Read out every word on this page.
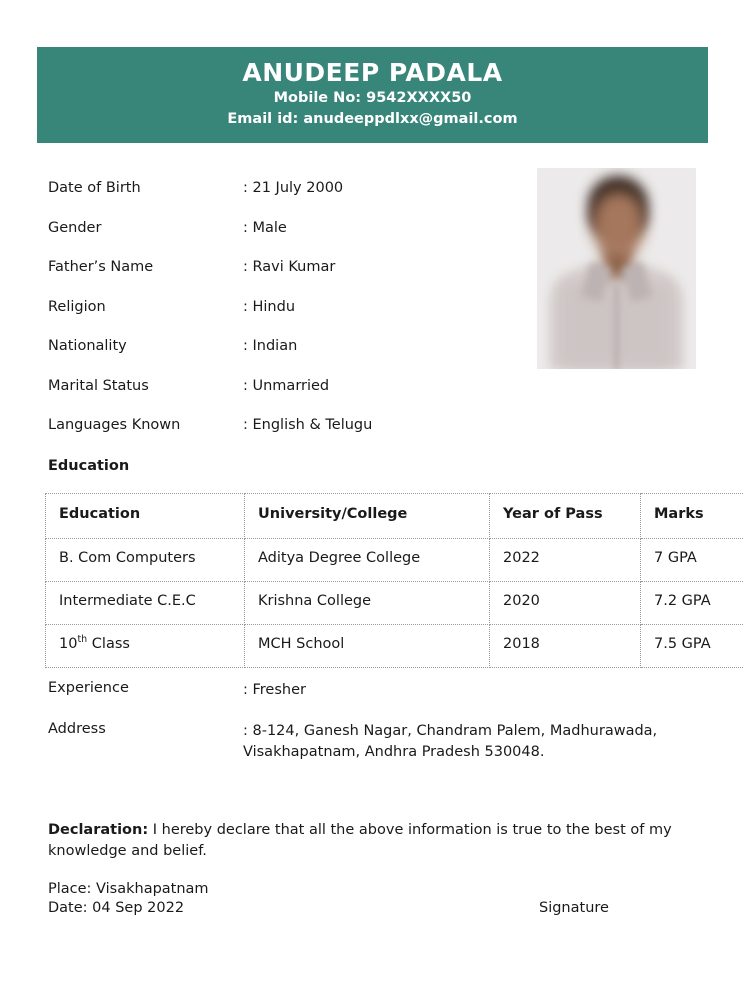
ANUDEEP PADALA
Mobile No: 9542XXXX50
Email id: anudeeppdlxx@gmail.com
Date of Birth	: 21 July 2000
Gender	: Male
Father’s Name	: Ravi Kumar
Religion	: Hindu
Nationality	: Indian
Marital Status	: Unmarried
Languages Known	: English & Telugu
Education
Education	University/College	Year of Pass	Marks
B. Com Computers	Aditya Degree College	2022	7 GPA
Intermediate C.E.C	Krishna College	2020	7.2 GPA
10th Class	MCH School	2018	7.5 GPA
Experience	: Fresher
Address	: 8-124, Ganesh Nagar, Chandram Palem, Madhurawada, Visakhapatnam, Andhra Pradesh 530048.
Declaration: I hereby declare that all the above information is true to the best of my knowledge and belief.
Place: Visakhapatnam
Date: 04 Sep 2022	Signature
